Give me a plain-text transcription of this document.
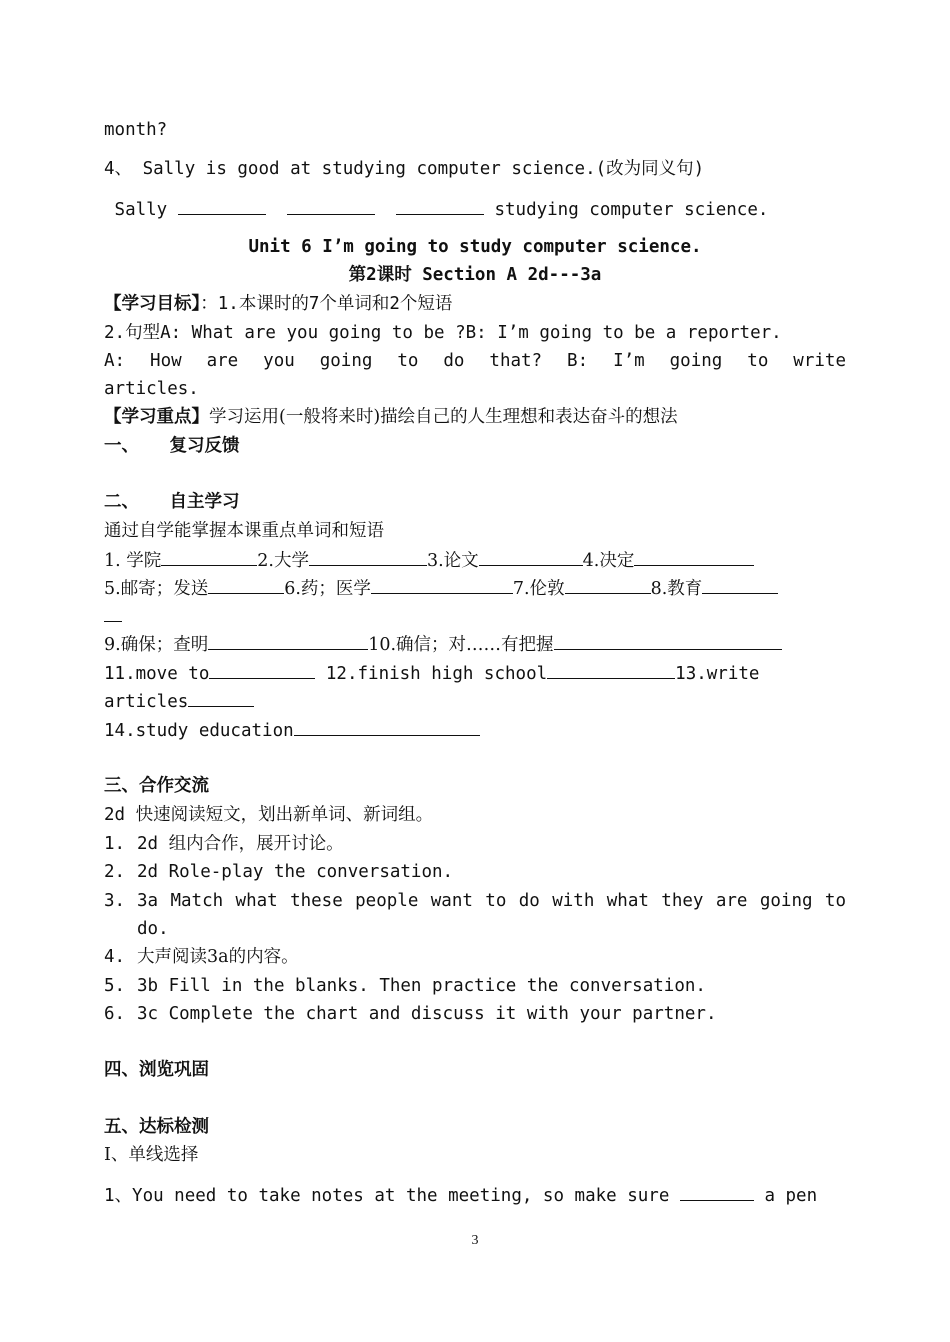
month?
4、 Sally is good at studying computer science.(改为同义句)
Sally	studying computer science.
Unit 6 I’m going to study computer science.
第2课时 Section A 2d---3a
【学习目标】：1.本课时的7个单词和2个短语
2.句型A: What are you going to be ?B: I’m going to be a reporter.
A: How are you going to do that? B: I’m going to write
articles.
【学习重点】学习运用(一般将来时)描绘自己的人生理想和表达奋斗的想法
一、     复习反馈
二、     自主学习
通过自学能掌握本课重点单词和短语
1. 学院	2.大学	3.论文	4.决定
5.邮寄；发送	6.药；医学	7.伦敦	8.教育
9.确保；查明	10.确信；对……有把握
11.move to	12.finish high school	13.write
articles
14.study education
三、合作交流
2d 快速阅读短文，划出新单词、新词组。
1. 2d 组内合作，展开讨论。
2. 2d Role-play the conversation.
3. 3a Match what these people want to do with what they are going to
do.
4. 大声阅读3a的内容。
5. 3b Fill in the blanks. Then practice the conversation.
6. 3c Complete the chart and discuss it with your partner.
四、浏览巩固
五、达标检测
I、单线选择
1、You need to take notes at the meeting, so make sure	a pen
3
